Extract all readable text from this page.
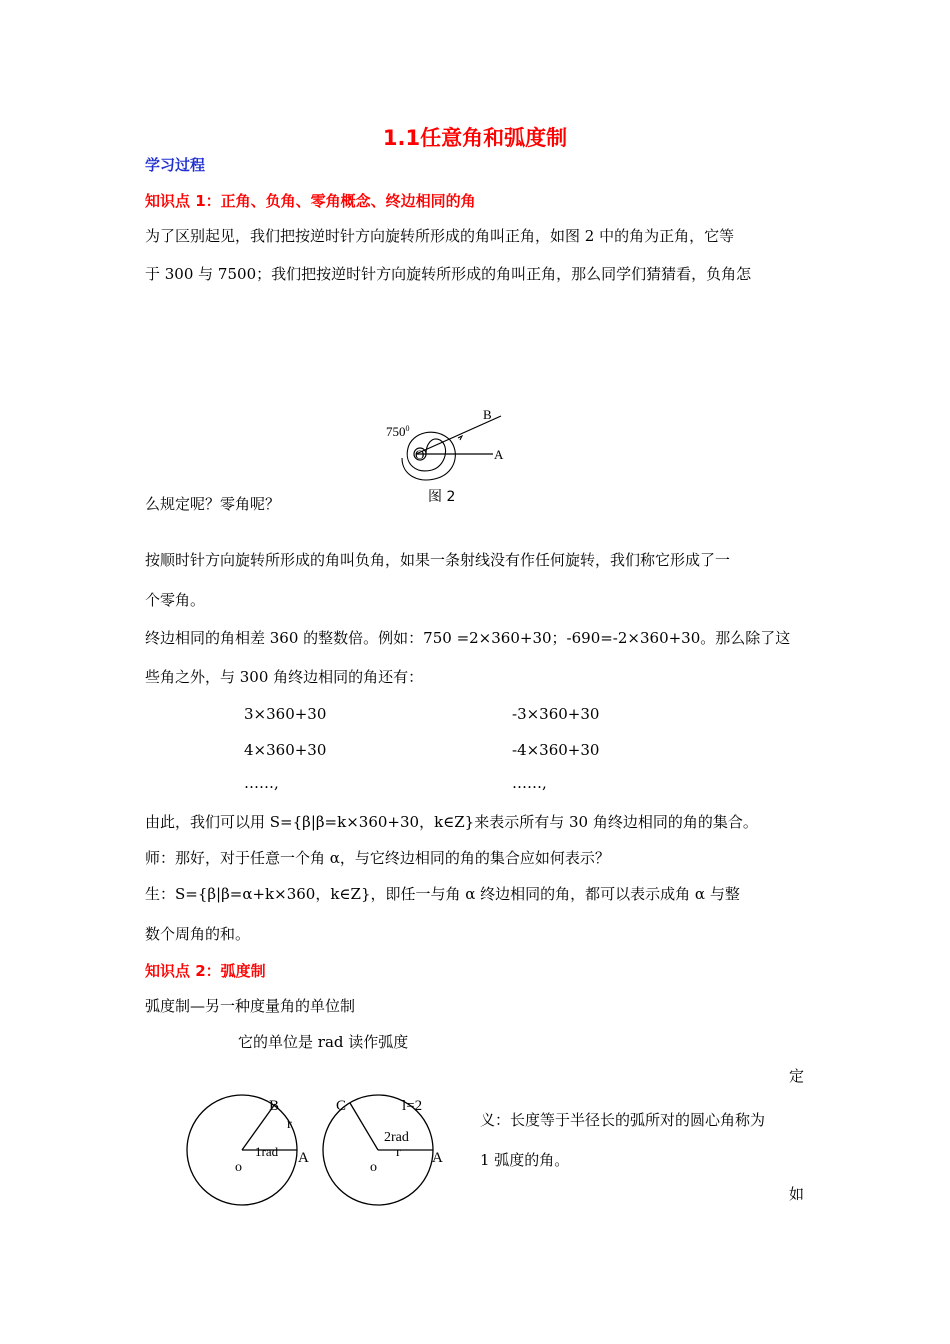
1.1任意角和弧度制
学习过程
知识点 1：正角、负角、零角概念、终边相同的角
为了区别起见，我们把按逆时针方向旋转所形成的角叫正角，如图 2 中的角为正角，它等
于 300 与 7500；我们把按逆时针方向旋转所形成的角叫正角，那么同学们猜猜看，负角怎
$750^0$
B
A
O
图 2
么规定呢？零角呢？
按顺时针方向旋转所形成的角叫负角，如果一条射线没有作任何旋转，我们称它形成了一
个零角。
终边相同的角相差 360 的整数倍。例如：750 =2×360+30；-690=-2×360+30。那么除了这
些角之外，与 300 角终边相同的角还有：
3×360+30
4×360+30
……,
-3×360+30
-4×360+30
……,
由此，我们可以用 S={β|β=k×360+30，k∈Z}来表示所有与 30 角终边相同的角的集合。
师：那好，对于任意一个角 α，与它终边相同的角的集合应如何表示？
生：S={β|β=α+k×360，k∈Z}，即任一与角 α 终边相同的角，都可以表示成角 α 与整
数个周角的和。
知识点 2：弧度制
弧度制—另一种度量角的单位制
它的单位是 rad 读作弧度
定
义：长度等于半径长的弧所对的圆心角称为
1 弧度的角。
如
B
r
1rad A
o
C	l=2
2rad
r A
o
